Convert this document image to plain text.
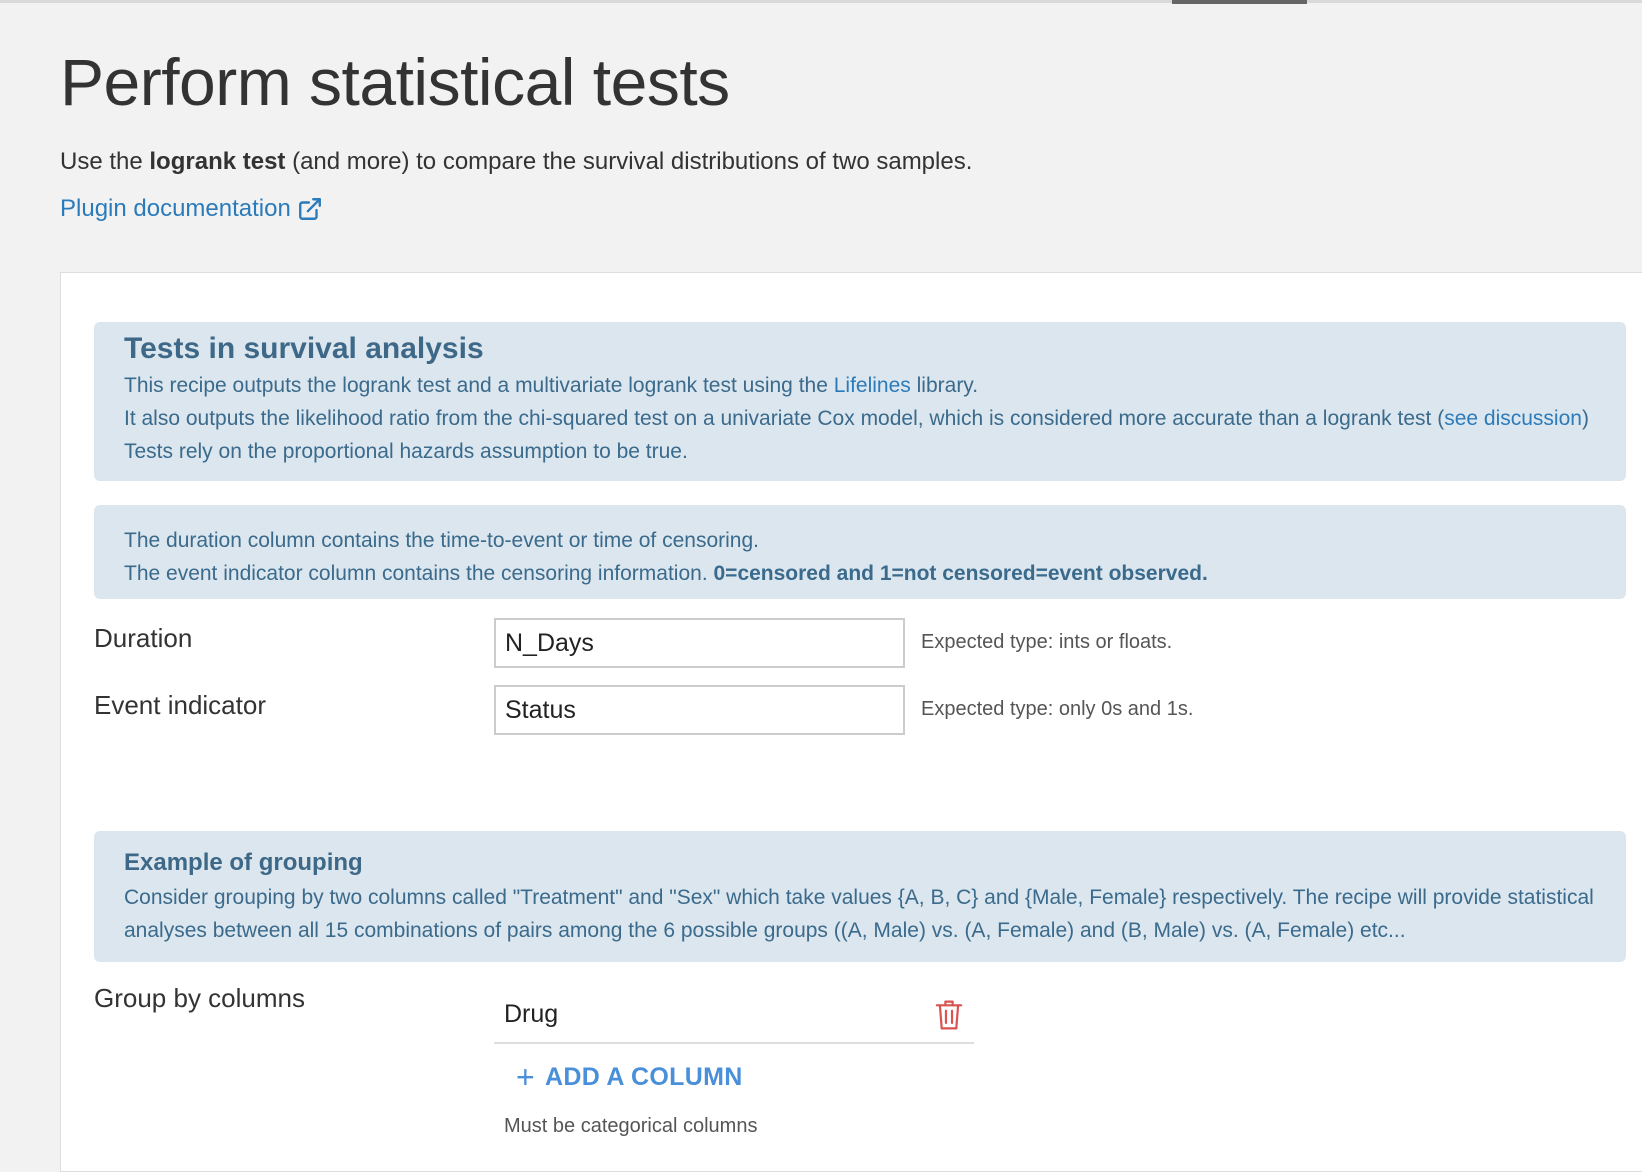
Perform statistical tests
Use the logrank test (and more) to compare the survival distributions of two samples.
Plugin documentation
Tests in survival analysis
This recipe outputs the logrank test and a multivariate logrank test using the Lifelines library.
It also outputs the likelihood ratio from the chi-squared test on a univariate Cox model, which is considered more accurate than a logrank test (see discussion)
Tests rely on the proportional hazards assumption to be true.
The duration column contains the time-to-event or time of censoring.
The event indicator column contains the censoring information. 0=censored and 1=not censored=event observed.
Duration
N_Days	Expected type: ints or floats.
Event indicator
Status	Expected type: only 0s and 1s.
Example of grouping
Consider grouping by two columns called "Treatment" and "Sex" which take values {A, B, C} and {Male, Female} respectively. The recipe will provide statistical
analyses between all 15 combinations of pairs among the 6 possible groups ((A, Male) vs. (A, Female) and (B, Male) vs. (A, Female) etc...
Group by columns
Drug
+ ADD A COLUMN
Must be categorical columns
